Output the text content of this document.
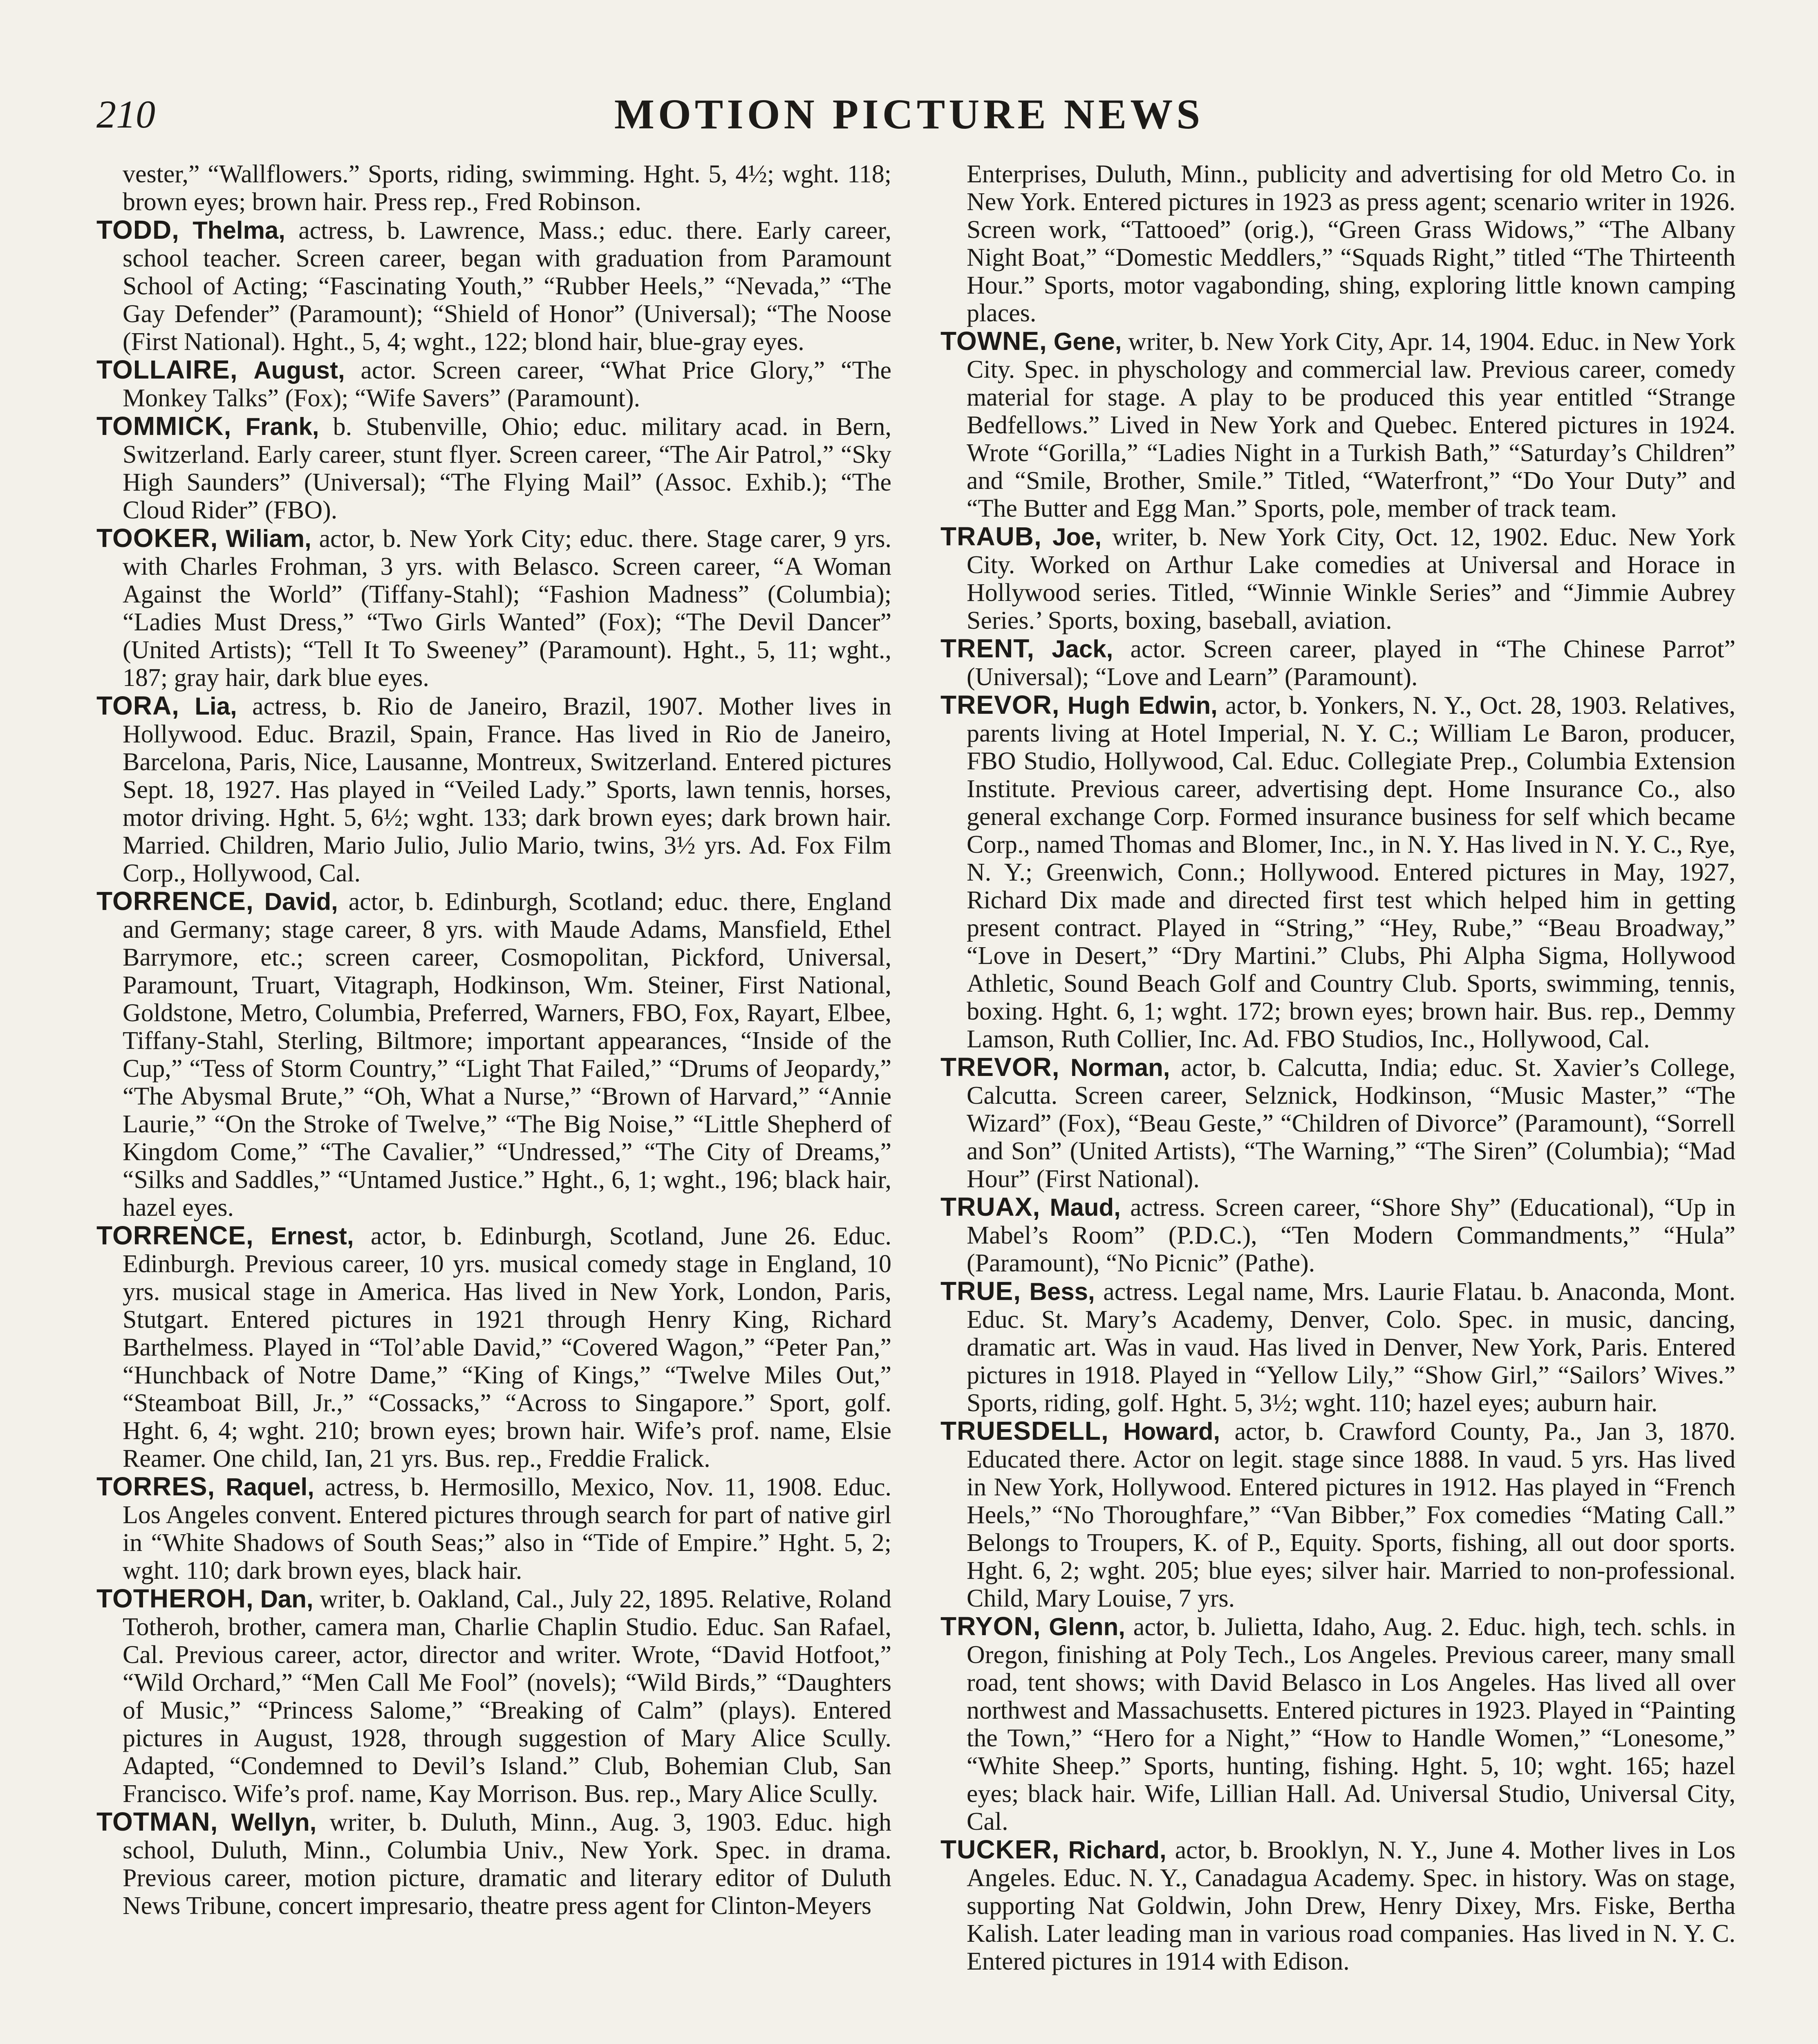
210	MOTION PICTURE NEWS

vester,” “Wallflowers.” Sports, riding, swimming. Hght. 5, 4½; wght. 118; brown eyes; brown hair. Press rep., Fred Robinson.

TODD, Thelma, actress, b. Lawrence, Mass.; educ. there. Early career, school teacher. Screen career, began with graduation from Paramount School of Acting; “Fascinating Youth,” “Rubber Heels,” “Nevada,” “The Gay Defender” (Paramount); “Shield of Honor” (Universal); “The Noose (First National). Hght., 5, 4; wght., 122; blond hair, blue-gray eyes.

TOLLAIRE, August, actor. Screen career, “What Price Glory,” “The Monkey Talks” (Fox); “Wife Savers” (Paramount).

TOMMICK, Frank, b. Stubenville, Ohio; educ. military acad. in Bern, Switzerland. Early career, stunt flyer. Screen career, “The Air Patrol,” “Sky High Saunders” (Universal); “The Flying Mail” (Assoc. Exhib.); “The Cloud Rider” (FBO).

TOOKER, Wiliam, actor, b. New York City; educ. there. Stage carer, 9 yrs. with Charles Frohman, 3 yrs. with Belasco. Screen career, “A Woman Against the World” (Tiffany-Stahl); “Fashion Madness” (Columbia); “Ladies Must Dress,” “Two Girls Wanted” (Fox); “The Devil Dancer” (United Artists); “Tell It To Sweeney” (Paramount). Hght., 5, 11; wght., 187; gray hair, dark blue eyes.

TORA, Lia, actress, b. Rio de Janeiro, Brazil, 1907. Mother lives in Hollywood. Educ. Brazil, Spain, France. Has lived in Rio de Janeiro, Barcelona, Paris, Nice, Lausanne, Montreux, Switzerland. Entered pictures Sept. 18, 1927. Has played in “Veiled Lady.” Sports, lawn tennis, horses, motor driving. Hght. 5, 6½; wght. 133; dark brown eyes; dark brown hair. Married. Children, Mario Julio, Julio Mario, twins, 3½ yrs. Ad. Fox Film Corp., Hollywood, Cal.

TORRENCE, David, actor, b. Edinburgh, Scotland; educ. there, England and Germany; stage career, 8 yrs. with Maude Adams, Mansfield, Ethel Barrymore, etc.; screen career, Cosmopolitan, Pickford, Universal, Paramount, Truart, Vitagraph, Hodkinson, Wm. Steiner, First National, Goldstone, Metro, Columbia, Preferred, Warners, FBO, Fox, Rayart, Elbee, Tiffany-Stahl, Sterling, Biltmore; important appearances, “Inside of the Cup,” “Tess of Storm Country,” “Light That Failed,” “Drums of Jeopardy,” “The Abysmal Brute,” “Oh, What a Nurse,” “Brown of Harvard,” “Annie Laurie,” “On the Stroke of Twelve,” “The Big Noise,” “Little Shepherd of Kingdom Come,” “The Cavalier,” “Undressed,” “The City of Dreams,” “Silks and Saddles,” “Untamed Justice.” Hght., 6, 1; wght., 196; black hair, hazel eyes.

TORRENCE, Ernest, actor, b. Edinburgh, Scotland, June 26. Educ. Edinburgh. Previous career, 10 yrs. musical comedy stage in England, 10 yrs. musical stage in America. Has lived in New York, London, Paris, Stutgart. Entered pictures in 1921 through Henry King, Richard Barthelmess. Played in “Tol’able David,” “Covered Wagon,” “Peter Pan,” “Hunchback of Notre Dame,” “King of Kings,” “Twelve Miles Out,” “Steamboat Bill, Jr.,” “Cossacks,” “Across to Singapore.” Sport, golf. Hght. 6, 4; wght. 210; brown eyes; brown hair. Wife’s prof. name, Elsie Reamer. One child, Ian, 21 yrs. Bus. rep., Freddie Fralick.

TORRES, Raquel, actress, b. Hermosillo, Mexico, Nov. 11, 1908. Educ. Los Angeles convent. Entered pictures through search for part of native girl in “White Shadows of South Seas;” also in “Tide of Empire.” Hght. 5, 2; wght. 110; dark brown eyes, black hair.

TOTHEROH, Dan, writer, b. Oakland, Cal., July 22, 1895. Relative, Roland Totheroh, brother, camera man, Charlie Chaplin Studio. Educ. San Rafael, Cal. Previous career, actor, director and writer. Wrote, “David Hotfoot,” “Wild Orchard,” “Men Call Me Fool” (novels); “Wild Birds,” “Daughters of Music,” “Princess Salome,” “Breaking of Calm” (plays). Entered pictures in August, 1928, through suggestion of Mary Alice Scully. Adapted, “Condemned to Devil’s Island.” Club, Bohemian Club, San Francisco. Wife’s prof. name, Kay Morrison. Bus. rep., Mary Alice Scully.

TOTMAN, Wellyn, writer, b. Duluth, Minn., Aug. 3, 1903. Educ. high school, Duluth, Minn., Columbia Univ., New York. Spec. in drama. Previous career, motion picture, dramatic and literary editor of Duluth News Tribune, concert impresario, theatre press agent for Clinton-Meyers

Enterprises, Duluth, Minn., publicity and advertising for old Metro Co. in New York. Entered pictures in 1923 as press agent; scenario writer in 1926. Screen work, “Tattooed” (orig.), “Green Grass Widows,” “The Albany Night Boat,” “Domestic Meddlers,” “Squads Right,” titled “The Thirteenth Hour.” Sports, motor vagabonding, shing, exploring little known camping places.

TOWNE, Gene, writer, b. New York City, Apr. 14, 1904. Educ. in New York City. Spec. in physchology and commercial law. Previous career, comedy material for stage. A play to be produced this year entitled “Strange Bedfellows.” Lived in New York and Quebec. Entered pictures in 1924. Wrote “Gorilla,” “Ladies Night in a Turkish Bath,” “Saturday’s Children” and “Smile, Brother, Smile.” Titled, “Waterfront,” “Do Your Duty” and “The Butter and Egg Man.” Sports, pole, member of track team.

TRAUB, Joe, writer, b. New York City, Oct. 12, 1902. Educ. New York City. Worked on Arthur Lake comedies at Universal and Horace in Hollywood series. Titled, “Winnie Winkle Series” and “Jimmie Aubrey Series.’ Sports, boxing, baseball, aviation.

TRENT, Jack, actor. Screen career, played in “The Chinese Parrot” (Universal); “Love and Learn” (Paramount).

TREVOR, Hugh Edwin, actor, b. Yonkers, N. Y., Oct. 28, 1903. Relatives, parents living at Hotel Imperial, N. Y. C.; William Le Baron, producer, FBO Studio, Hollywood, Cal. Educ. Collegiate Prep., Columbia Extension Institute. Previous career, advertising dept. Home Insurance Co., also general exchange Corp. Formed insurance business for self which became Corp., named Thomas and Blomer, Inc., in N. Y. Has lived in N. Y. C., Rye, N. Y.; Greenwich, Conn.; Hollywood. Entered pictures in May, 1927, Richard Dix made and directed first test which helped him in getting present contract. Played in “String,” “Hey, Rube,” “Beau Broadway,” “Love in Desert,” “Dry Martini.” Clubs, Phi Alpha Sigma, Hollywood Athletic, Sound Beach Golf and Country Club. Sports, swimming, tennis, boxing. Hght. 6, 1; wght. 172; brown eyes; brown hair. Bus. rep., Demmy Lamson, Ruth Collier, Inc. Ad. FBO Studios, Inc., Hollywood, Cal.

TREVOR, Norman, actor, b. Calcutta, India; educ. St. Xavier’s College, Calcutta. Screen career, Selznick, Hodkinson, “Music Master,” “The Wizard” (Fox), “Beau Geste,” “Children of Divorce” (Paramount), “Sorrell and Son” (United Artists), “The Warning,” “The Siren” (Columbia); “Mad Hour” (First National).

TRUAX, Maud, actress. Screen career, “Shore Shy” (Educational), “Up in Mabel’s Room” (P.D.C.), “Ten Modern Commandments,” “Hula” (Paramount), “No Picnic” (Pathe).

TRUE, Bess, actress. Legal name, Mrs. Laurie Flatau. b. Anaconda, Mont. Educ. St. Mary’s Academy, Denver, Colo. Spec. in music, dancing, dramatic art. Was in vaud. Has lived in Denver, New York, Paris. Entered pictures in 1918. Played in “Yellow Lily,” “Show Girl,” “Sailors’ Wives.” Sports, riding, golf. Hght. 5, 3½; wght. 110; hazel eyes; auburn hair.

TRUESDELL, Howard, actor, b. Crawford County, Pa., Jan 3, 1870. Educated there. Actor on legit. stage since 1888. In vaud. 5 yrs. Has lived in New York, Hollywood. Entered pictures in 1912. Has played in “French Heels,” “No Thoroughfare,” “Van Bibber,” Fox comedies “Mating Call.” Belongs to Troupers, K. of P., Equity. Sports, fishing, all out door sports. Hght. 6, 2; wght. 205; blue eyes; silver hair. Married to non-professional. Child, Mary Louise, 7 yrs.

TRYON, Glenn, actor, b. Julietta, Idaho, Aug. 2. Educ. high, tech. schls. in Oregon, finishing at Poly Tech., Los Angeles. Previous career, many small road, tent shows; with David Belasco in Los Angeles. Has lived all over northwest and Massachusetts. Entered pictures in 1923. Played in “Painting the Town,” “Hero for a Night,” “How to Handle Women,” “Lonesome,” “White Sheep.” Sports, hunting, fishing. Hght. 5, 10; wght. 165; hazel eyes; black hair. Wife, Lillian Hall. Ad. Universal Studio, Universal City, Cal.

TUCKER, Richard, actor, b. Brooklyn, N. Y., June 4. Mother lives in Los Angeles. Educ. N. Y., Canadagua Academy. Spec. in history. Was on stage, supporting Nat Goldwin, John Drew, Henry Dixey, Mrs. Fiske, Bertha Kalish. Later leading man in various road companies. Has lived in N. Y. C. Entered pictures in 1914 with Edison.
